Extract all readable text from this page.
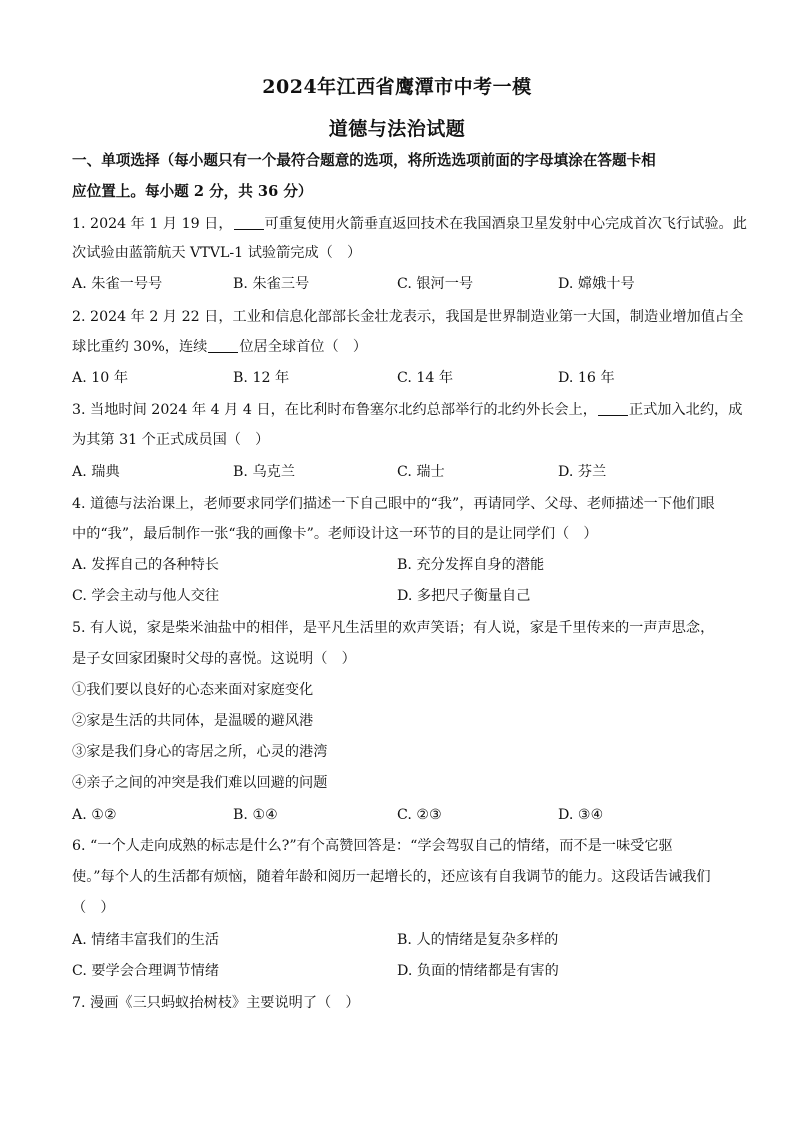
2024年江西省鹰潭市中考一模
道德与法治试题
一、单项选择（每小题只有一个最符合题意的选项，将所选选项前面的字母填涂在答题卡相
应位置上。每小题 2 分，共 36 分）
1. 2024 年 1 月 19 日， 可重复使用火箭垂直返回技术在我国酒泉卫星发射中心完成首次飞行试验。此
次试验由蓝箭航天 VTVL-1 试验箭完成（　）
A. 朱雀一号号	B. 朱雀三号	C. 银河一号	D. 嫦娥十号
2. 2024 年 2 月 22 日，工业和信息化部部长金壮龙表示，我国是世界制造业第一大国，制造业增加值占全
球比重约 30%，连续 位居全球首位（　）
A. 10 年	B. 12 年	C. 14 年	D. 16 年
3. 当地时间 2024 年 4 月 4 日，在比利时布鲁塞尔北约总部举行的北约外长会上， 正式加入北约，成
为其第 31 个正式成员国（　）
A. 瑞典	B. 乌克兰	C. 瑞士	D. 芬兰
4. 道德与法治课上，老师要求同学们描述一下自己眼中的“我”，再请同学、父母、老师描述一下他们眼
中的“我”，最后制作一张“我的画像卡”。老师设计这一环节的目的是让同学们（　）
A. 发挥自己的各种特长	B. 充分发挥自身的潜能
C. 学会主动与他人交往	D. 多把尺子衡量自己
5. 有人说，家是柴米油盐中的相伴，是平凡生活里的欢声笑语；有人说，家是千里传来的一声声思念，
是子女回家团聚时父母的喜悦。这说明（　）
①我们要以良好的心态来面对家庭变化
②家是生活的共同体，是温暖的避风港
③家是我们身心的寄居之所，心灵的港湾
④亲子之间的冲突是我们难以回避的问题
A. ①②	B. ①④	C. ②③	D. ③④
6. “一个人走向成熟的标志是什么?”有个高赞回答是：“学会驾驭自己的情绪，而不是一味受它驱
使。”每个人的生活都有烦恼，随着年龄和阅历一起增长的，还应该有自我调节的能力。这段话告诫我们
（　）
A. 情绪丰富我们的生活	B. 人的情绪是复杂多样的
C. 要学会合理调节情绪	D. 负面的情绪都是有害的
7. 漫画《三只蚂蚁抬树枝》主要说明了（　）
